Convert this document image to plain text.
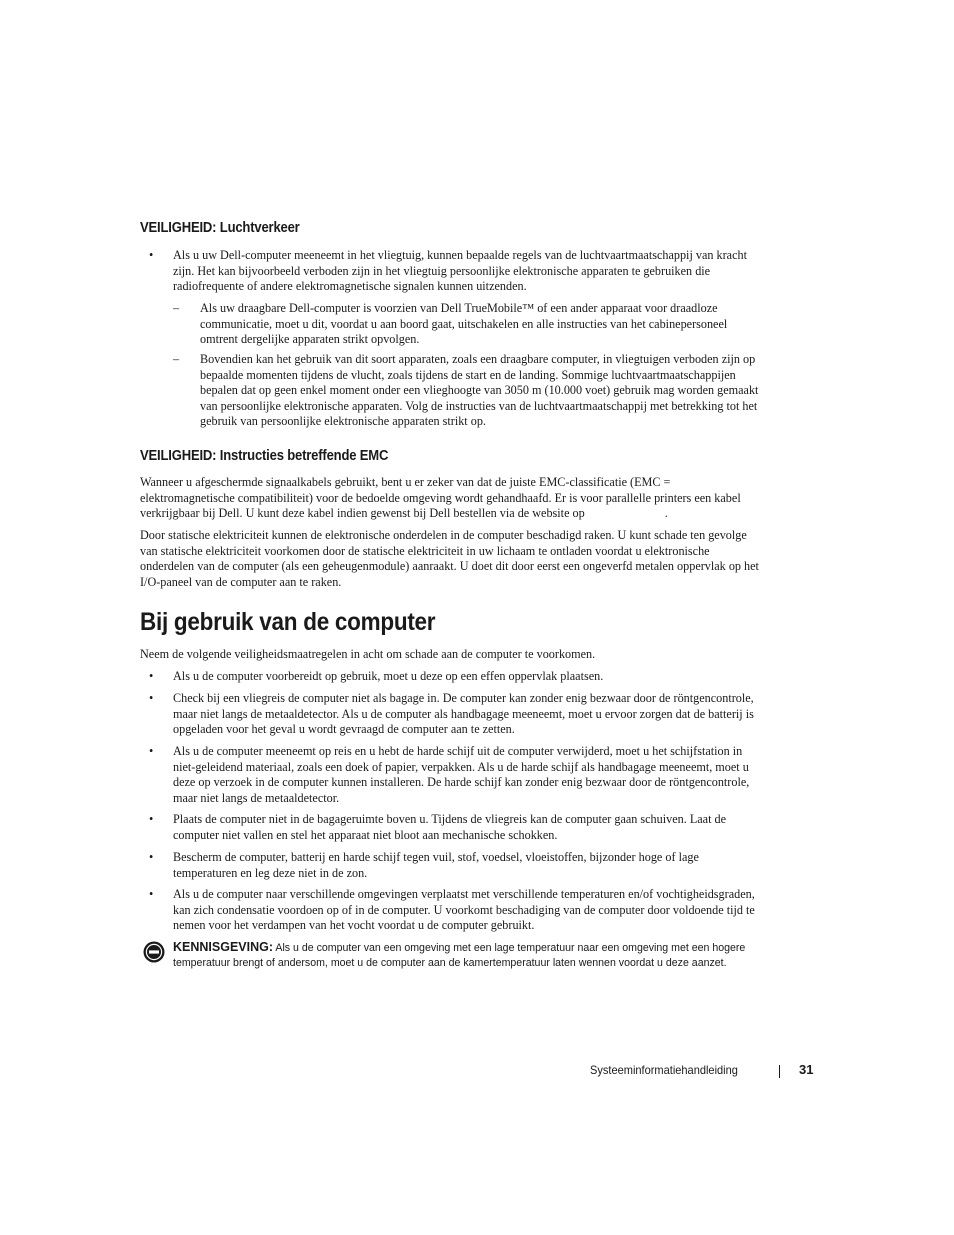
VEILIGHEID: Luchtverkeer
• Als u uw Dell-computer meeneemt in het vliegtuig, kunnen bepaalde regels van de luchtvaartmaatschappij van kracht zijn. Het kan bijvoorbeeld verboden zijn in het vliegtuig persoonlijke elektronische apparaten te gebruiken die radiofrequente of andere elektromagnetische signalen kunnen uitzenden.
– Als uw draagbare Dell-computer is voorzien van Dell TrueMobile™ of een ander apparaat voor draadloze communicatie, moet u dit, voordat u aan boord gaat, uitschakelen en alle instructies van het cabinepersoneel omtrent dergelijke apparaten strikt opvolgen.
– Bovendien kan het gebruik van dit soort apparaten, zoals een draagbare computer, in vliegtuigen verboden zijn op bepaalde momenten tijdens de vlucht, zoals tijdens de start en de landing. Sommige luchtvaartmaatschappijen bepalen dat op geen enkel moment onder een vlieghoogte van 3050 m (10.000 voet) gebruik mag worden gemaakt van persoonlijke elektronische apparaten. Volg de instructies van de luchtvaartmaatschappij met betrekking tot het gebruik van persoonlijke elektronische apparaten strikt op.
VEILIGHEID: Instructies betreffende EMC

Wanneer u afgeschermde signaalkabels gebruikt, bent u er zeker van dat de juiste EMC-classificatie (EMC = elektromagnetische compatibiliteit) voor de bedoelde omgeving wordt gehandhaafd. Er is voor parallelle printers een kabel verkrijgbaar bij Dell. U kunt deze kabel indien gewenst bij Dell bestellen via de website op	.

Door statische elektriciteit kunnen de elektronische onderdelen in de computer beschadigd raken. U kunt schade ten gevolge van statische elektriciteit voorkomen door de statische elektriciteit in uw lichaam te ontladen voordat u elektronische onderdelen van de computer (als een geheugenmodule) aanraakt. U doet dit door eerst een ongeverfd metalen oppervlak op het I/O-paneel van de computer aan te raken.

Bij gebruik van de computer

Neem de volgende veiligheidsmaatregelen in acht om schade aan de computer te voorkomen.

• Als u de computer voorbereidt op gebruik, moet u deze op een effen oppervlak plaatsen.
• Check bij een vliegreis de computer niet als bagage in. De computer kan zonder enig bezwaar door de röntgencontrole, maar niet langs de metaaldetector. Als u de computer als handbagage meeneemt, moet u ervoor zorgen dat de batterij is opgeladen voor het geval u wordt gevraagd de computer aan te zetten.
• Als u de computer meeneemt op reis en u hebt de harde schijf uit de computer verwijderd, moet u het schijfstation in niet-geleidend materiaal, zoals een doek of papier, verpakken. Als u de harde schijf als handbagage meeneemt, moet u deze op verzoek in de computer kunnen installeren. De harde schijf kan zonder enig bezwaar door de röntgencontrole, maar niet langs de metaaldetector.
• Plaats de computer niet in de bagageruimte boven u. Tijdens de vliegreis kan de computer gaan schuiven. Laat de computer niet vallen en stel het apparaat niet bloot aan mechanische schokken.
• Bescherm de computer, batterij en harde schijf tegen vuil, stof, voedsel, vloeistoffen, bijzonder hoge of lage temperaturen en leg deze niet in de zon.
• Als u de computer naar verschillende omgevingen verplaatst met verschillende temperaturen en/of vochtigheidsgraden, kan zich condensatie voordoen op of in de computer. U voorkomt beschadiging van de computer door voldoende tijd te nemen voor het verdampen van het vocht voordat u de computer gebruikt.
KENNISGEVING: Als u de computer van een omgeving met een lage temperatuur naar een omgeving met een hogere temperatuur brengt of andersom, moet u de computer aan de kamertemperatuur laten wennen voordat u deze aanzet.
Systeeminformatiehandleiding	31
